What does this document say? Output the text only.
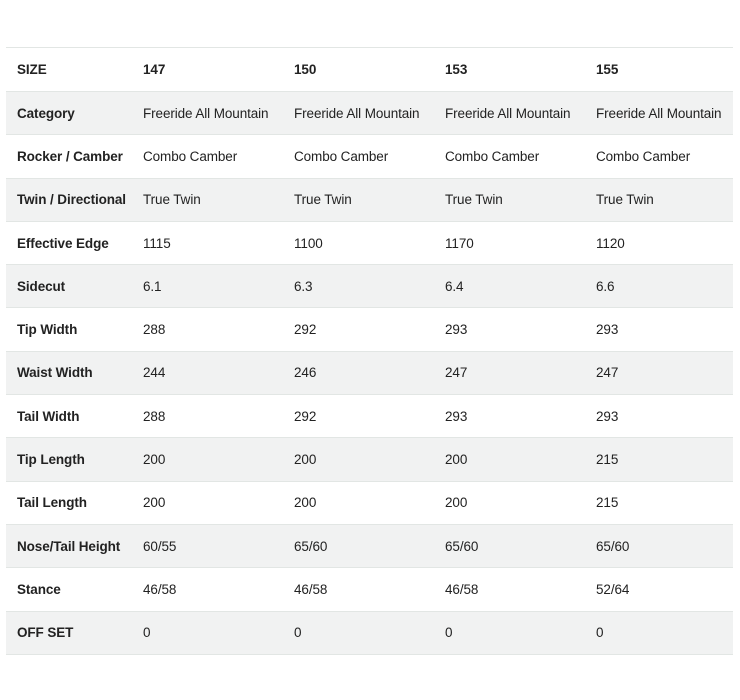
SIZE	147	150	153	155
Category	Freeride All Mountain	Freeride All Mountain	Freeride All Mountain	Freeride All Mountain
Rocker / Camber	Combo Camber	Combo Camber	Combo Camber	Combo Camber
Twin / Directional	True Twin	True Twin	True Twin	True Twin
Effective Edge	1115	1100	1170	1120
Sidecut	6.1	6.3	6.4	6.6
Tip Width	288	292	293	293
Waist Width	244	246	247	247
Tail Width	288	292	293	293
Tip Length	200	200	200	215
Tail Length	200	200	200	215
Nose/Tail Height	60/55	65/60	65/60	65/60
Stance	46/58	46/58	46/58	52/64
OFF SET	0	0	0	0
